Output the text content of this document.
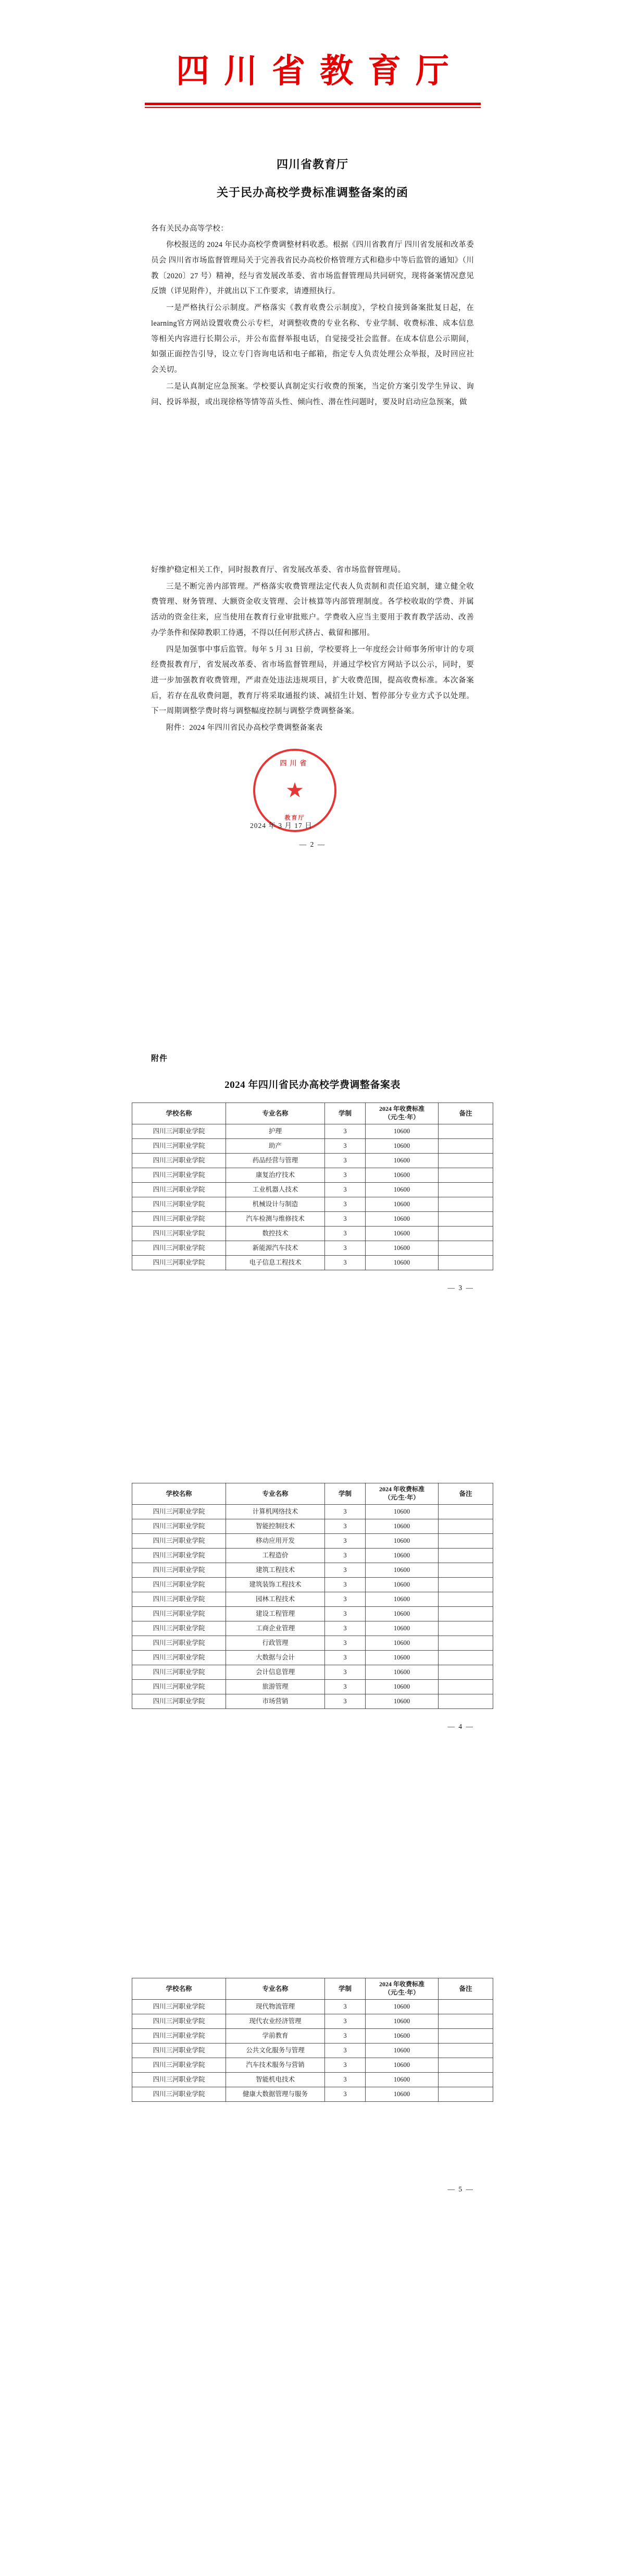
四川省教育厅
四川省教育厅
关于民办高校学费标准调整备案的函

各有关民办高等学校：

你校报送的 2024 年民办高校学费调整材料收悉。根据《四川省教育厅 四川省发展和改革委员会 四川省市场监督管理局关于完善我省民办高校价格管理方式和稳步中等后监管的通知》（川教〔2020〕27 号）精神，经与省发展改革委、省市场监督管理局共同研究，现将备案情况意见反馈（详见附件），并就出以下工作要求，请遵照执行。

一是严格执行公示制度。严格落实《教育收费公示制度》，学校自接到备案批复日起，在learning官方网站设置收费公示专栏，对调整收费的专业名称、专业学制、收费标准、成本信息等相关内容进行长期公示，并公布监督举报电话，自觉接受社会监督。在成本信息公示期间，如强正面控告引导，设立专门咨询电话和电子邮箱，指定专人负责处理公众举报，及时回应社会关切。

二是认真制定应急预案。学校要认真制定实行收费的预案，当定价方案引发学生异议、询问、投诉举报，或出现徐格等情等苗头性、倾向性、潜在性问题时，要及时启动应急预案，做

好维护稳定相关工作，同时报教育厅、省发展改革委、省市场监督管理局。

三是不断完善内部管理。严格落实收费管理法定代表人负责制和责任追究制，建立健全收费管理、财务管理、大额资金收支管理、会计核算等内部管理制度。各学校收取的学费、并属活动的资金往来，应当使用在教育行业审批账户。学费收入应当主要用于教育教学活动、改善办学条件和保障教职工待遇，不得以任何形式挤占、截留和挪用。

四是加强事中事后监管。每年 5 月 31 日前，学校要将上一年度经会计师事务所审计的专项经费报教育厅，省发展改革委、省市场监督管理局，并通过学校官方网站予以公示，同时，要进一步加强教育收费管理，严肃查处违法违规项目，扩大收费范围，提高收费标准。本次备案后，若存在乱收费问题，教育厅将采取通报约谈、减招生计划、暂停部分专业方式予以处理。下一周期调整学费时将与调整幅度控制与调整学费调整备案。

附件：2024 年四川省民办高校学费调整备案表

四川省
★
教育厅
2024 年 3 月 17 日
— 2 —
附件
2024 年四川省民办高校学费调整备案表
学校名称	专业名称	学制	2024 年收费标准
（元/生·年）	备注
四川三河职业学院	护理	3	10600	
四川三河职业学院	助产	3	10600	
四川三河职业学院	药品经营与管理	3	10600	
四川三河职业学院	康复治疗技术	3	10600	
四川三河职业学院	工业机器人技术	3	10600	
四川三河职业学院	机械设计与制造	3	10600	
四川三河职业学院	汽车检测与维修技术	3	10600	
四川三河职业学院	数控技术	3	10600	
四川三河职业学院	新能源汽车技术	3	10600	
四川三河职业学院	电子信息工程技术	3	10600	
— 3 —
学校名称	专业名称	学制	2024 年收费标准
（元/生·年）	备注
四川三河职业学院	计算机网络技术	3	10600	
四川三河职业学院	智能控制技术	3	10600	
四川三河职业学院	移动应用开发	3	10600	
四川三河职业学院	工程造价	3	10600	
四川三河职业学院	建筑工程技术	3	10600	
四川三河职业学院	建筑装饰工程技术	3	10600	
四川三河职业学院	园林工程技术	3	10600	
四川三河职业学院	建设工程管理	3	10600	
四川三河职业学院	工商企业管理	3	10600	
四川三河职业学院	行政管理	3	10600	
四川三河职业学院	大数据与会计	3	10600	
四川三河职业学院	会计信息管理	3	10600	
四川三河职业学院	旅游管理	3	10600	
四川三河职业学院	市场营销	3	10600	
— 4 —
学校名称	专业名称	学制	2024 年收费标准
（元/生·年）	备注
四川三河职业学院	现代物流管理	3	10600	
四川三河职业学院	现代农业经济管理	3	10600	
四川三河职业学院	学前教育	3	10600	
四川三河职业学院	公共文化服务与管理	3	10600	
四川三河职业学院	汽车技术服务与营销	3	10600	
四川三河职业学院	智能机电技术	3	10600	
四川三河职业学院	健康大数据管理与服务	3	10600	
— 5 —
